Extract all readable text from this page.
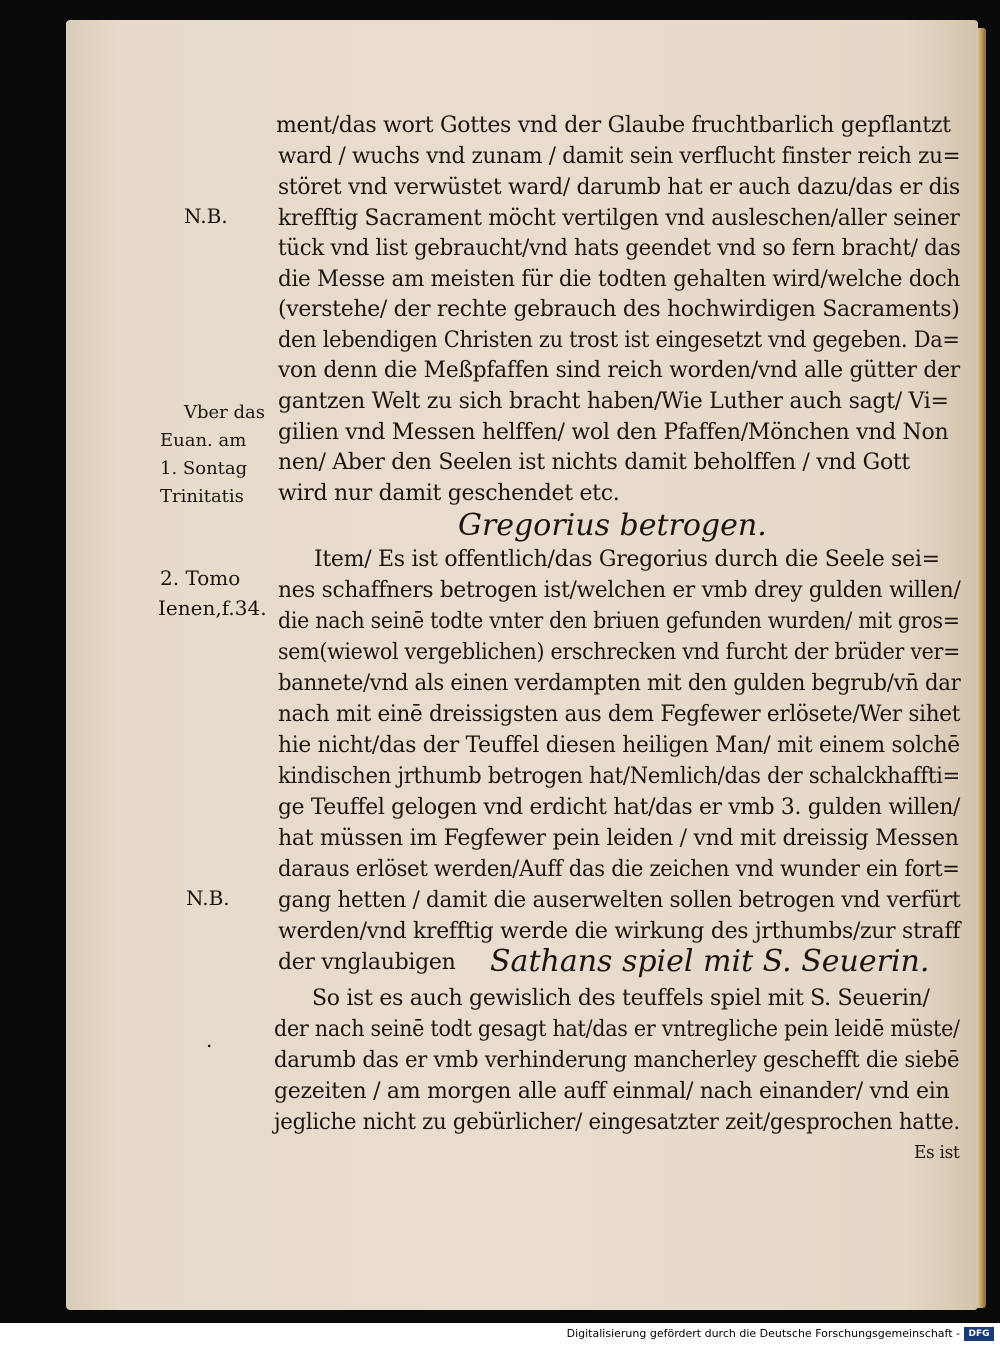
ment/das wort Gottes vnd der Glaube fruchtbarlich gepflantzt
ward / wuchs vnd zunam / damit sein verflucht finster reich zu=
störet vnd verwüstet ward/ darumb hat er auch dazu/das er dis
krefftig Sacrament möcht vertilgen vnd ausleschen/aller seiner
tück vnd list gebraucht/vnd hats geendet vnd so fern bracht/ das
die Messe am meisten für die todten gehalten wird/welche doch
(verstehe/ der rechte gebrauch des hochwirdigen Sacraments)
den lebendigen Christen zu trost ist eingesetzt vnd gegeben. Da=
von denn die Meßpfaffen sind reich worden/vnd alle gütter der
gantzen Welt zu sich bracht haben/Wie Luther auch sagt/ Vi=
gilien vnd Messen helffen/ wol den Pfaffen/Mönchen vnd Non
nen/ Aber den Seelen ist nichts damit beholffen / vnd Gott
wird nur damit geschendet etc.
Gregorius betrogen.
Item/ Es ist offentlich/das Gregorius durch die Seele sei=
nes schaffners betrogen ist/welchen er vmb drey gulden willen/
die nach seinē todte vnter den briuen gefunden wurden/ mit gros=
sem(wiewol vergeblichen) erschrecken vnd furcht der brüder ver=
bannete/vnd als einen verdampten mit den gulden begrub/vn̄ dar
nach mit einē dreissigsten aus dem Fegfewer erlösete/Wer sihet
hie nicht/das der Teuffel diesen heiligen Man/ mit einem solchē
kindischen jrthumb betrogen hat/Nemlich/das der schalckhaffti=
ge Teuffel gelogen vnd erdicht hat/das er vmb 3. gulden willen/
hat müssen im Fegfewer pein leiden / vnd mit dreissig Messen
daraus erlöset werden/Auff das die zeichen vnd wunder ein fort=
gang hetten / damit die auserwelten sollen betrogen vnd verfürt
werden/vnd krefftig werde die wirkung des jrthumbs/zur straff
der vnglaubigen Sathans spiel mit S. Seuerin.
So ist es auch gewislich des teuffels spiel mit S. Seuerin/
der nach seinē todt gesagt hat/das er vntregliche pein leidē müste/
darumb das er vmb verhinderung mancherley geschefft die siebē
gezeiten / am morgen alle auff einmal/ nach einander/ vnd ein
jegliche nicht zu gebürlicher/ eingesatzter zeit/gesprochen hatte.
Es ist
N.B.
Vber das
Euan. am
1. Sontag
Trinitatis
2. Tomo
Ienen,f.34.
N.B.
.
Digitalisierung gefördert durch die Deutsche Forschungsgemeinschaft - DFG
